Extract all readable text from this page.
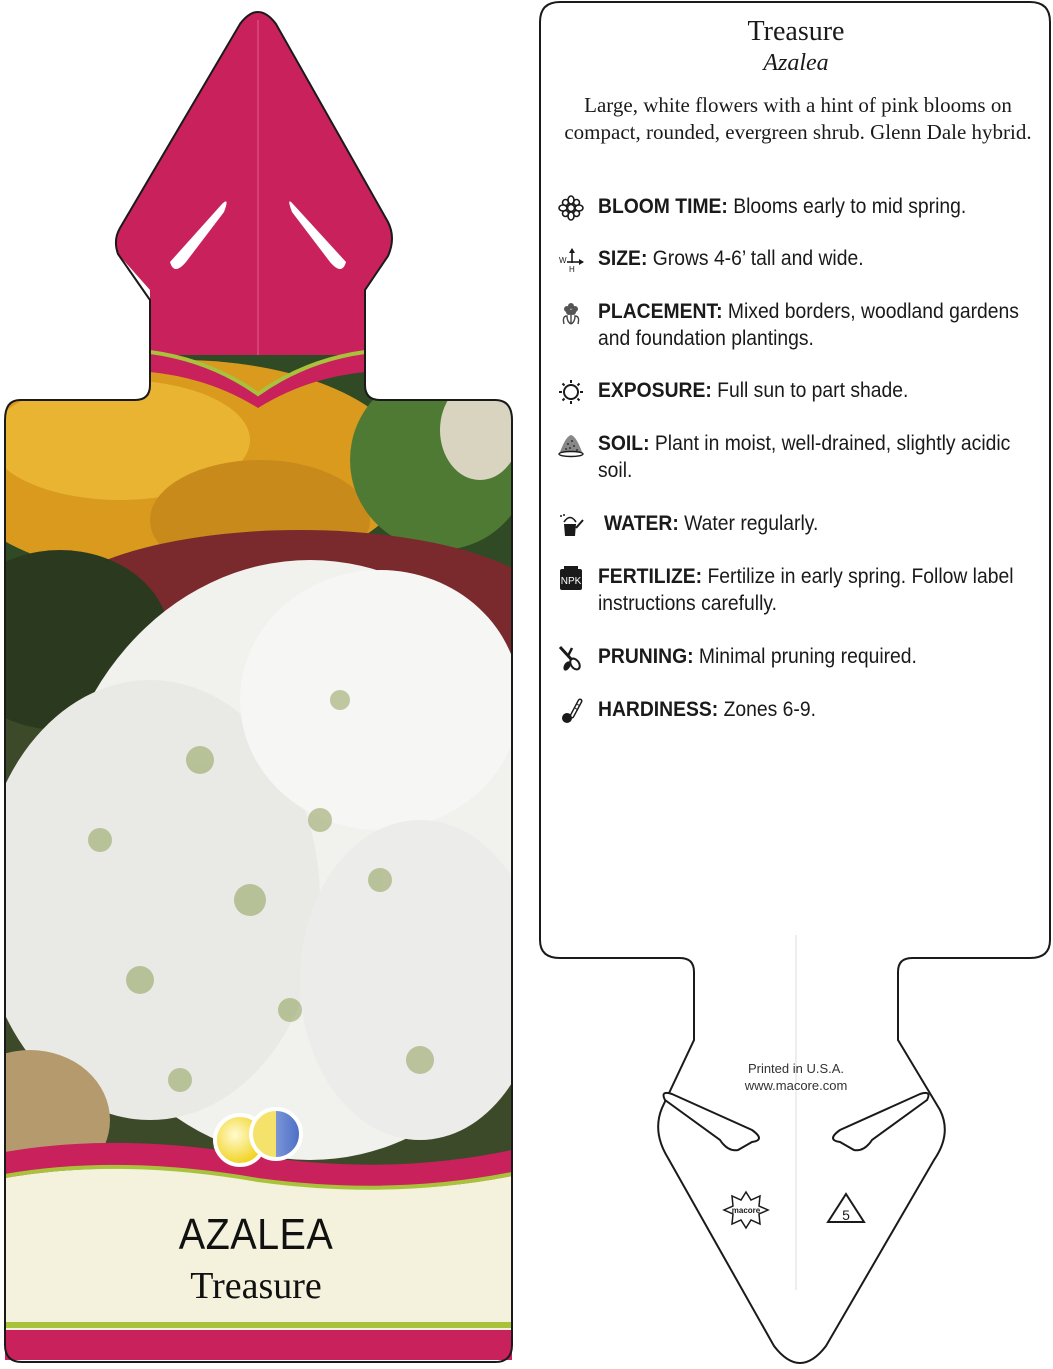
AZALEA
Treasure
macore	5
Treasure
Azalea
Large, white flowers with a hint of pink blooms on compact, rounded, evergreen shrub. Glenn Dale hybrid.
BLOOM TIME: Blooms early to mid spring.
W
H SIZE: Grows 4-6’ tall and wide.
PLACEMENT: Mixed borders, woodland gardens and foundation plantings.
EXPOSURE: Full sun to part shade.
SOIL: Plant in moist, well-drained, slightly acidic soil.
WATER: Water regularly.
NPK FERTILIZE: Fertilize in early spring. Follow label instructions carefully.
PRUNING: Minimal pruning required.
HARDINESS: Zones 6-9.
Printed in U.S.A.
www.macore.com
